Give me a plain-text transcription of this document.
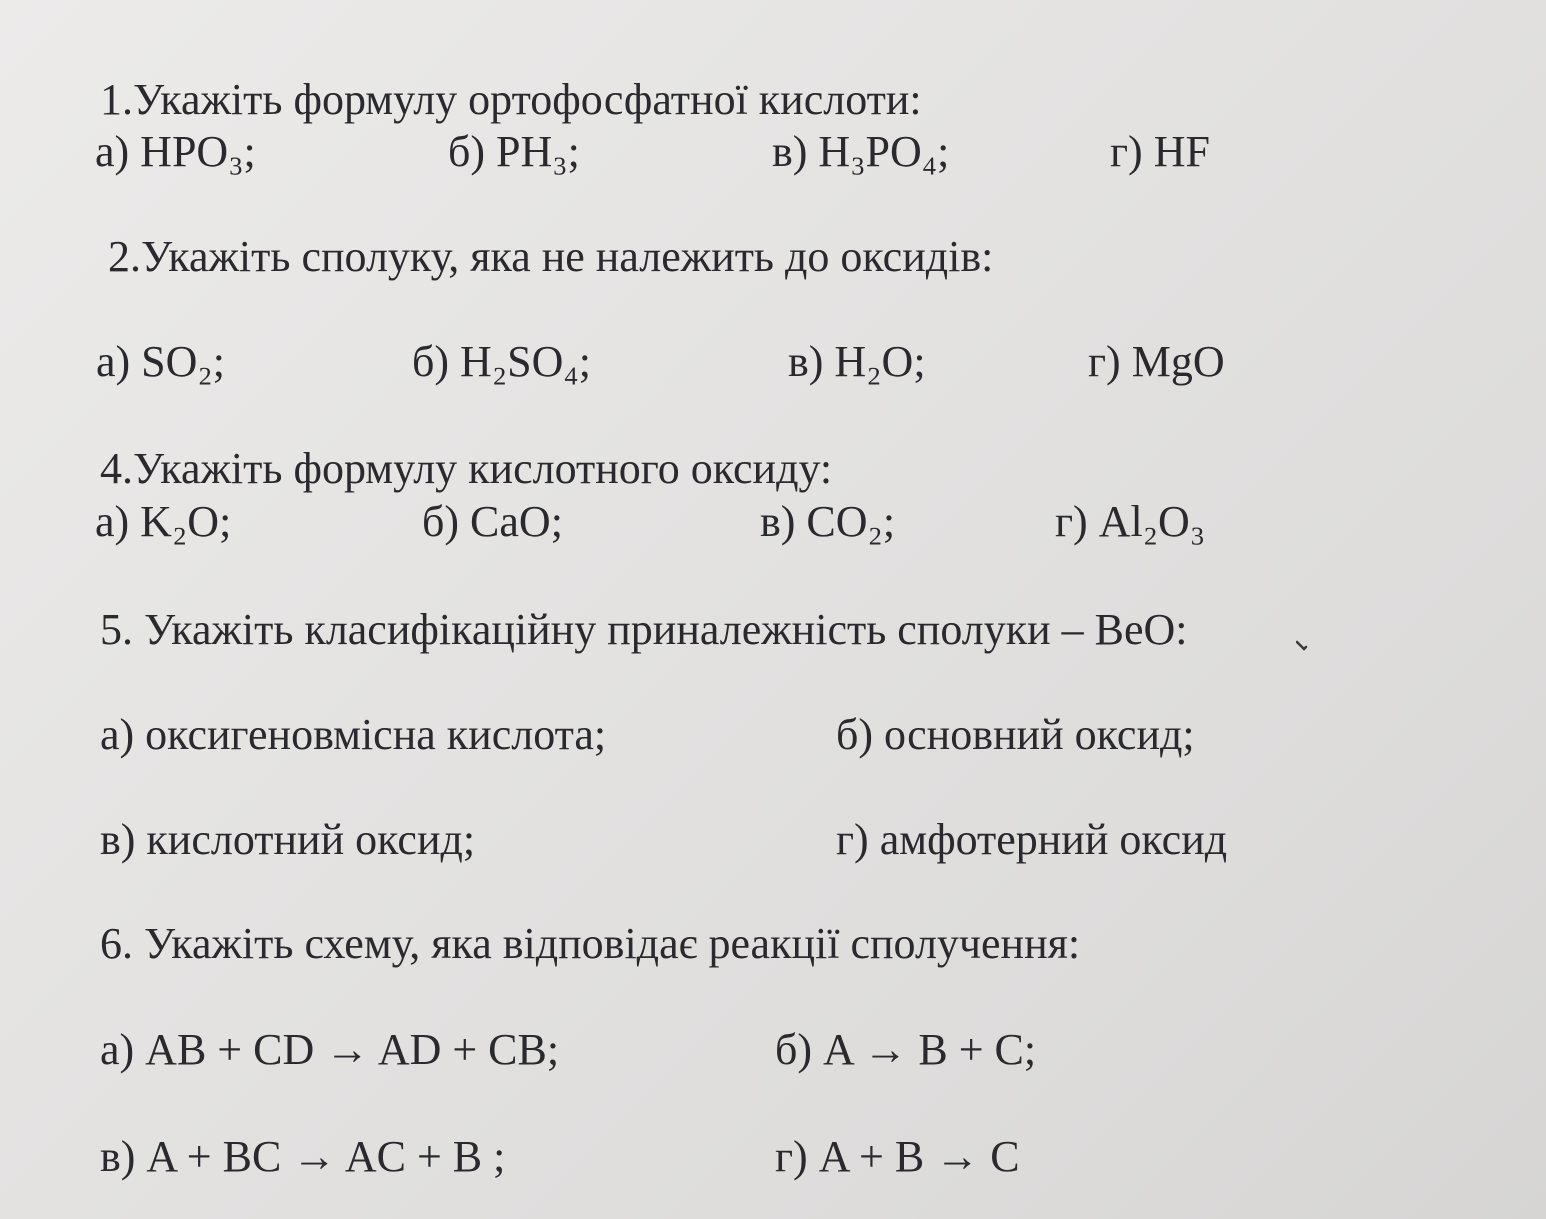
1.Укажіть формулу ортофосфатної кислоти:
а) HPO₃;	б) PH₃;	в) H₃PO₄;	г) HF
2.Укажіть сполуку, яка не належить до оксидів:
а) SO₂;	б) H₂SO₄;	в) H₂O;	г) MgO
4.Укажіть формулу кислотного оксиду:
а) K₂O;	б) CaO;	в) CO₂;	г) Al₂O₃
5. Укажіть класифікаційну приналежність сполуки – BeO:
а) оксигеновмісна кислота;	б) основний оксид;
в) кислотний оксид;	г) амфотерний оксид
6. Укажіть схему, яка відповідає реакції сполучення:
а) AB + CD → AD + CB;	б) A → B + C;
в) A + BC → AC + B ;	г) A + B → C
